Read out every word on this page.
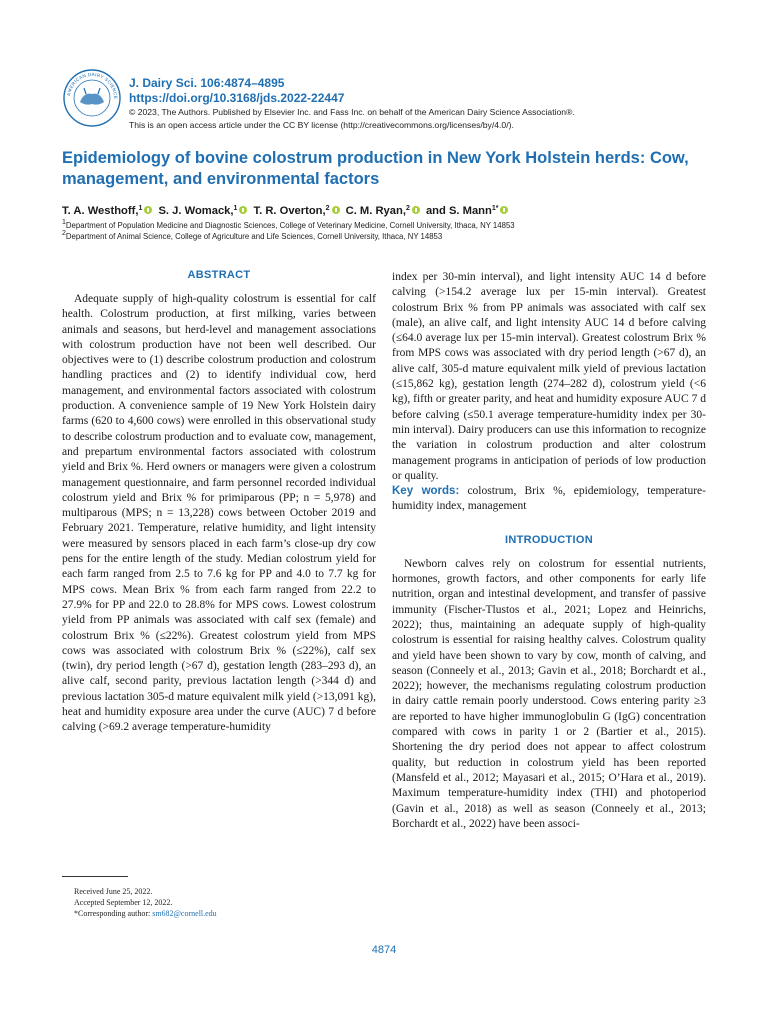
AMERICAN DAIRY SCIENCE
J. Dairy Sci. 106:4874–4895
https://doi.org/10.3168/jds.2022-22447
© 2023, The Authors. Published by Elsevier Inc. and Fass Inc. on behalf of the American Dairy Science Association®.
This is an open access article under the CC BY license (http://creativecommons.org/licenses/by/4.0/).
Epidemiology of bovine colostrum production in New York Holstein herds: Cow, management, and environmental factors
T. A. Westhoff,$^1$ S. J. Womack,$^1$ T. R. Overton,$^2$ C. M. Ryan,$^2$ and S. Mann$^{1*}$
$^1$Department of Population Medicine and Diagnostic Sciences, College of Veterinary Medicine, Cornell University, Ithaca, NY 14853
$^2$Department of Animal Science, College of Agriculture and Life Sciences, Cornell University, Ithaca, NY 14853
ABSTRACT

Adequate supply of high-quality colostrum is essential for calf health. Colostrum production, at first milking, varies between animals and seasons, but herd-level and management associations with colostrum production have not been well described. Our objectives were to (1) describe colostrum production and colostrum handling practices and (2) to identify individual cow, herd management, and environmental factors associated with colostrum production. A convenience sample of 19 New York Holstein dairy farms (620 to 4,600 cows) were enrolled in this observational study to describe colostrum production and to evaluate cow, management, and prepartum environmental factors associated with colostrum yield and Brix %. Herd owners or managers were given a colostrum management questionnaire, and farm personnel recorded individual colostrum yield and Brix % for primiparous (PP; n = 5,978) and multiparous (MPS; n = 13,228) cows between October 2019 and February 2021. Temperature, relative humidity, and light intensity were measured by sensors placed in each farm’s close-up dry cow pens for the entire length of the study. Median colostrum yield for each farm ranged from 2.5 to 7.6 kg for PP and 4.0 to 7.7 kg for MPS cows. Mean Brix % from each farm ranged from 22.2 to 27.9% for PP and 22.0 to 28.8% for MPS cows. Lowest colostrum yield from PP animals was associated with calf sex (female) and colostrum Brix % (≤22%). Greatest colostrum yield from MPS cows was associated with colostrum Brix % (≤22%), calf sex (twin), dry period length (>67 d), gestation length (283–293 d), an alive calf, second parity, previous lactation length (>344 d) and previous lactation 305-d mature equivalent milk yield (>13,091 kg), heat and humidity exposure area under the curve (AUC) 7 d before calving (>69.2 average temperature-humidity

index per 30-min interval), and light intensity AUC 14 d before calving (>154.2 average lux per 15-min interval). Greatest colostrum Brix % from PP animals was associated with calf sex (male), an alive calf, and light intensity AUC 14 d before calving (≤64.0 average lux per 15-min interval). Greatest colostrum Brix % from MPS cows was associated with dry period length (>67 d), an alive calf, 305-d mature equivalent milk yield of previous lactation (≤15,862 kg), gestation length (274–282 d), colostrum yield (<6 kg), fifth or greater parity, and heat and humidity exposure AUC 7 d before calving (≤50.1 average temperature-humidity index per 30-min interval). Dairy producers can use this information to recognize the variation in colostrum production and alter colostrum management programs in anticipation of periods of low production or quality.

Key words: colostrum, Brix %, epidemiology, temperature-humidity index, management

INTRODUCTION

Newborn calves rely on colostrum for essential nutrients, hormones, growth factors, and other components for early life nutrition, organ and intestinal development, and transfer of passive immunity (Fischer-Tlustos et al., 2021; Lopez and Heinrichs, 2022); thus, maintaining an adequate supply of high-quality colostrum is essential for raising healthy calves. Colostrum quality and yield have been shown to vary by cow, month of calving, and season (Conneely et al., 2013; Gavin et al., 2018; Borchardt et al., 2022); however, the mechanisms regulating colostrum production in dairy cattle remain poorly understood. Cows entering parity ≥3 are reported to have higher immunoglobulin G (IgG) concentration compared with cows in parity 1 or 2 (Bartier et al., 2015). Shortening the dry period does not appear to affect colostrum quality, but reduction in colostrum yield has been reported (Mansfeld et al., 2012; Mayasari et al., 2015; O’Hara et al., 2019). Maximum temperature-humidity index (THI) and photoperiod (Gavin et al., 2018) as well as season (Conneely et al., 2013; Borchardt et al., 2022) have been associ-

Received June 25, 2022.
Accepted September 12, 2022.
*Corresponding author: sm682@cornell.edu
4874
